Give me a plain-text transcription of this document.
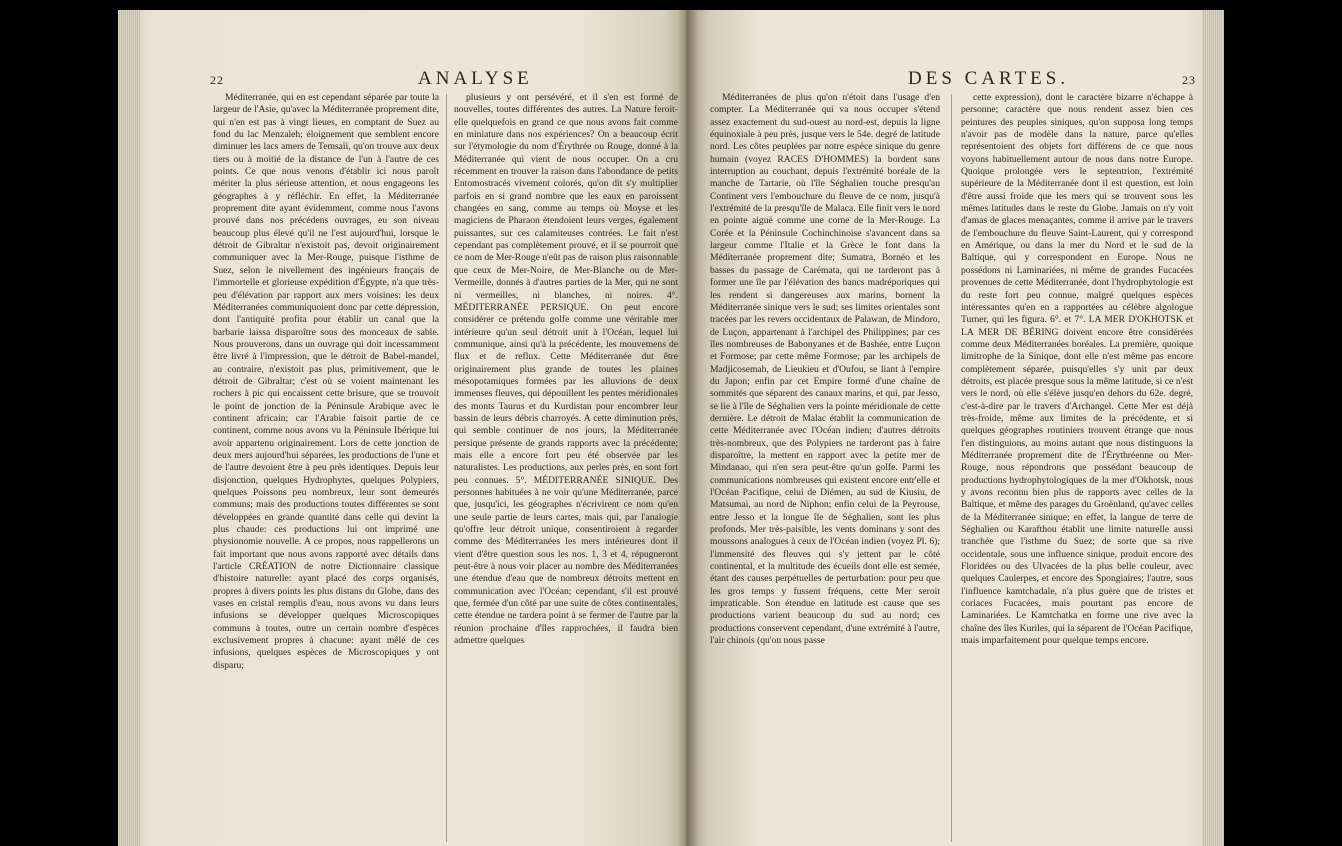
22	ANALYSE

Méditerranée, qui en est cependant séparée par toute la largeur de l'Asie, qu'avec la Méditerranée proprement dite, qui n'en est pas à vingt lieues, en comptant de Suez au fond du lac Menzaleh; éloignement que semblent encore diminuer les lacs amers de Temsaïi, qu'on trouve aux deux tiers ou à moitié de la distance de l'un à l'autre de ces points. Ce que nous venons d'établir ici nous paroît mériter la plus sérieuse attention, et nous engageons les géographes à y réfléchir. En effet, la Méditerranée proprement dite ayant évidemment, comme nous l'avons prouvé dans nos précédens ouvrages, eu son niveau beaucoup plus élevé qu'il ne l'est aujourd'hui, lorsque le détroit de Gibraltar n'existoit pas, devoit originairement communiquer avec la Mer-Rouge, puisque l'isthme de Suez, selon le nivellement des ingénieurs français de l'immortelle et glorieuse expédition d'Égypte, n'a que très-peu d'élévation par rapport aux mers voisines: les deux Méditerranées communiquoient donc par cette dépression, dont l'antiquité profita pour établir un canal que la barbarie laissa disparoître sous des monceaux de sable. Nous prouverons, dans un ouvrage qui doit incessamment être livré à l'impression, que le détroit de Babel-mandel, au contraire, n'existoit pas plus, primitivement, que le détroit de Gibraltar; c'est où se voient maintenant les rochers à pic qui encaissent cette brisure, que se trouvoit le point de jonction de la Péninsule Arabique avec le continent africain; car l'Arabie faisoit partie de ce continent, comme nous avons vu la Péninsule Ibérique lui avoir appartenu originairement. Lors de cette jonction de deux mers aujourd'hui séparées, les productions de l'une et de l'autre devoient être à peu près identiques. Depuis leur disjonction, quelques Hydrophytes, quelques Polypiers, quelques Poissons peu nombreux, leur sont demeurés communs; mais des productions toutes différentes se sont développées en grande quantité dans celle qui devint la plus chaude: ces productions lui ont imprimé une physionomie nouvelle. A ce propos, nous rappellerons un fait important que nous avons rapporté avec détails dans l'article CRÉATION de notre Dictionnaire classique d'histoire naturelle: ayant placé des corps organisés, propres à divers points les plus distans du Globe, dans des vases en cristal remplis d'eau, nous avons vu dans leurs infusions se développer quelques Microscopiques communs à toutes, outre un certain nombre d'espèces exclusivement propres à chacune: ayant mêlé de ces infusions, quelques espèces de Microscopiques y ont disparu;

plusieurs y ont persévéré, et il s'en est formé de nouvelles, toutes différentes des autres. La Nature feroit-elle quelquefois en grand ce que nous avons fait comme en miniature dans nos expériences? On a beaucoup écrit sur l'étymologie du nom d'Érythrée ou Rouge, donné à la Méditerranée qui vient de nous occuper. On a cru récemment en trouver la raison dans l'abondance de petits Entomostracés vivement colorés, qu'on dit s'y multiplier parfois en si grand nombre que les eaux en paroissent changées en sang, comme au temps où Moyse et les magiciens de Pharaon étendoient leurs verges, également puissantes, sur ces calamiteuses contrées. Le fait n'est cependant pas complètement prouvé, et il se pourroit que ce nom de Mer-Rouge n'eût pas de raison plus raisonnable que ceux de Mer-Noire, de Mer-Blanche ou de Mer-Vermeille, donnés à d'autres parties de la Mer, qui ne sont ni vermeilles, ni blanches, ni noires. 4°. MÉDITERRANÉE PERSIQUE. On peut encore considérer ce prétendu golfe comme une véritable mer intérieure qu'un seul détroit unit à l'Océan, lequel lui communique, ainsi qu'à la précédente, les mouvemens de flux et de reflux. Cette Méditerranée dut être originairement plus grande de toutes les plaines mésopotamiques formées par les alluvions de deux immenses fleuves, qui dépouillent les pentes méridionales des monts Taurus et du Kurdistan pour encombrer leur bassin de leurs débris charroyés. A cette diminution près, qui semble continuer de nos jours, la Méditerranée persique présente de grands rapports avec la précédente; mais elle a encore fort peu été observée par les naturalistes. Les productions, aux perles près, en sont fort peu connues. 5°. MÉDITERRANÉE SINIQUE. Des personnes habituées à ne voir qu'une Méditerranée, parce que, jusqu'ici, les géographes n'écrivirent ce nom qu'en une seule partie de leurs cartes, mais qui, par l'analogie qu'offre leur détroit unique, consentiroient à regarder comme des Méditerranées les mers intérieures dont il vient d'être question sous les nos. 1, 3 et 4, répugneront peut-être à nous voir placer au nombre des Méditerranées une étendue d'eau que de nombreux détroits mettent en communication avec l'Océan; cependant, s'il est prouvé que, fermée d'un côté par une suite de côtes continentales, cette étendue ne tardera point à se fermer de l'autre par la réunion prochaine d'îles rapprochées, il faudra bien admettre quelques

23
DES CARTES.

Méditerranées de plus qu'on n'étoit dans l'usage d'en compter. La Méditerranée qui va nous occuper s'étend assez exactement du sud-ouest au nord-est, depuis la ligne équinoxiale à peu près, jusque vers le 54e. degré de latitude nord. Les côtes peuplées par notre espèce sinique du genre humain (voyez RACES D'HOMMES) la bordent sans interruption au couchant, depuis l'extrémité boréale de la manche de Tartarie, où l'île Séghalien touche presqu'au Continent vers l'embouchure du fleuve de ce nom, jusqu'à l'extrémité de la presqu'île de Malaca. Elle finit vers le nord en pointe aiguë comme une corne de la Mer-Rouge. La Corée et la Péninsule Cochinchinoise s'avancent dans sa largeur comme l'Italie et la Grèce le font dans la Méditerranée proprement dite; Sumatra, Bornéo et les basses du passage de Carémata, qui ne tarderont pas à former une île par l'élévation des bancs madréporiques qui les rendent si dangereuses aux marins, bornent la Méditerranée sinique vers le sud; ses limites orientales sont tracées par les revers occidentaux de Palawan, de Mindoro, de Luçon, appartenant à l'archipel des Philippines; par ces îles nombreuses de Babonyanes et de Bashée, entre Luçon et Formose; par cette même Formose; par les archipels de Madjicosemah, de Lieukieu et d'Oufou, se liant à l'empire du Japon; enfin par cet Empire formé d'une chaîne de sommités que séparent des canaux marins, et qui, par Jesso, se lie à l'île de Séghalien vers la pointe méridionale de cette dernière. Le détroit de Malac établit la communication de cette Méditerranée avec l'Océan indien; d'autres détroits très-nombreux, que des Polypiers ne tarderont pas à faire disparoître, la mettent en rapport avec la petite mer de Mindanao, qui n'en sera peut-être qu'un golfe. Parmi les communications nombreuses qui existent encore entr'elle et l'Océan Pacifique, celui de Diémen, au sud de Kiusiu, de Matsumai, au nord de Niphon; enfin celui de la Peyrouse, entre Jesso et la longue île de Séghalien, sont les plus profonds. Mer très-paisible, les vents dominans y sont des moussons analogues à ceux de l'Océan indien (voyez Pl. 6); l'immensité des fleuves qui s'y jettent par le côté continental, et la multitude des écueils dont elle est semée, étant des causes perpétuelles de perturbation: pour peu que les gros temps y fussent fréquens, cette Mer seroit impraticable. Son étendue en latitude est cause que ses productions varient beaucoup du sud au nord; ces productions conservent cependant, d'une extrémité à l'autre, l'air chinois (qu'on nous passe

cette expression), dont le caractère bizarre n'échappe à personne; caractère que nous rendent assez bien ces peintures des peuples siniques, qu'on supposa long temps n'avoir pas de modèle dans la nature, parce qu'elles représentoient des objets fort différens de ce que nous voyons habituellement autour de nous dans notre Europe. Quoique prolongée vers le septentrion, l'extrémité supérieure de la Méditerranée dont il est question, est loin d'être aussi froide que les mers qui se trouvent sous les mêmes latitudes dans le reste du Globe. Jamais on n'y voit d'amas de glaces menaçantes, comme il arrive par le travers de l'embouchure du fleuve Saint-Laurent, qui y correspond en Amérique, ou dans la mer du Nord et le sud de la Baltique, qui y correspondent en Europe. Nous ne possédons ni Laminariées, ni même de grandes Fucacées provenues de cette Méditerranée, dont l'hydrophytologie est du reste fort peu connue, malgré quelques espèces intéressantes qu'en en a rapportées au célèbre algologue Turner, qui les figura. 6°. et 7°. LA MER D'OKHOTSK et LA MER DE BÉRING doivent encore être considérées comme deux Méditerranées boréales. La première, quoique limitrophe de la Sinique, dont elle n'est même pas encore complètement séparée, puisqu'elles s'y unit par deux détroits, est placée presque sous la même latitude, si ce n'est vers le nord, où elle s'élève jusqu'en dehors du 62e. degré, c'est-à-dire par le travers d'Archangel. Cette Mer est déjà très-froide, même aux limites de la précédente, et si quelques géographes routiniers trouvent étrange que nous l'en distinguions, au moins autant que nous distinguons la Méditerranée proprement dite de l'Érythréenne ou Mer-Rouge, nous répondrons que possédant beaucoup de productions hydrophytologiques de la mer d'Okhotsk, nous y avons reconnu bien plus de rapports avec celles de la Baltique, et même des parages du Groënland, qu'avec celles de la Méditerranée sinique; en effet, la langue de terre de Séghalien ou Karafthou établit une limite naturelle aussi tranchée que l'isthme du Suez; de sorte que sa rive occidentale, sous une influence sinique, produit encore des Floridées ou des Ulvacées de la plus belle couleur, avec quelques Caulerpes, et encore des Spongiaires; l'autre, sous l'influence kamtchadale, n'a plus guère que de tristes et coriaces Fucacées, mais pourtant pas encore de Laminariées. Le Kamtchatka en forme une rive avec la chaîne des îles Kuriles, qui la séparent de l'Océan Pacifique, mais imparfaitement pour quelque temps encore.
